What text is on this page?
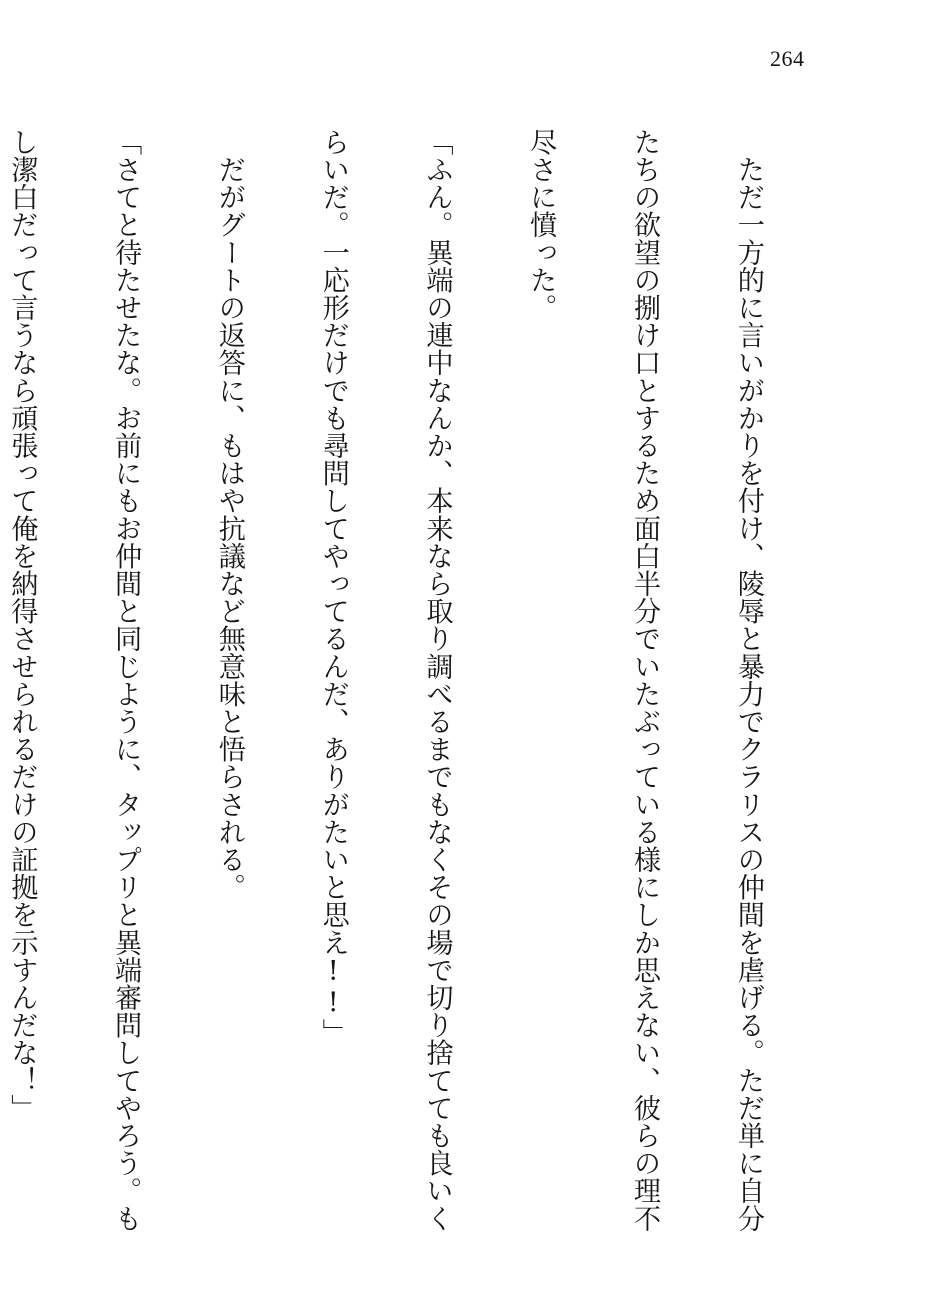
264

　ただ一方的に言いがかりを付け、陵辱と暴力でクラリスの仲間を虐げる。ただ単に自分

たちの欲望の捌け口とするため面白半分でいたぶっている様にしか思えない、彼らの理不

尽さに憤った。

「ふん。異端の連中なんか、本来なら取り調べるまでもなくその場で切り捨てても良いく

らいだ。一応形だけでも尋問してやってるんだ、ありがたいと思え!!」

　だがグートの返答に、もはや抗議など無意味と悟らされる。

「さてと待たせたな。お前にもお仲間と同じように、タップリと異端審問してやろう。も

し潔白だって言うなら頑張って俺を納得させられるだけの証拠を示すんだな！」
